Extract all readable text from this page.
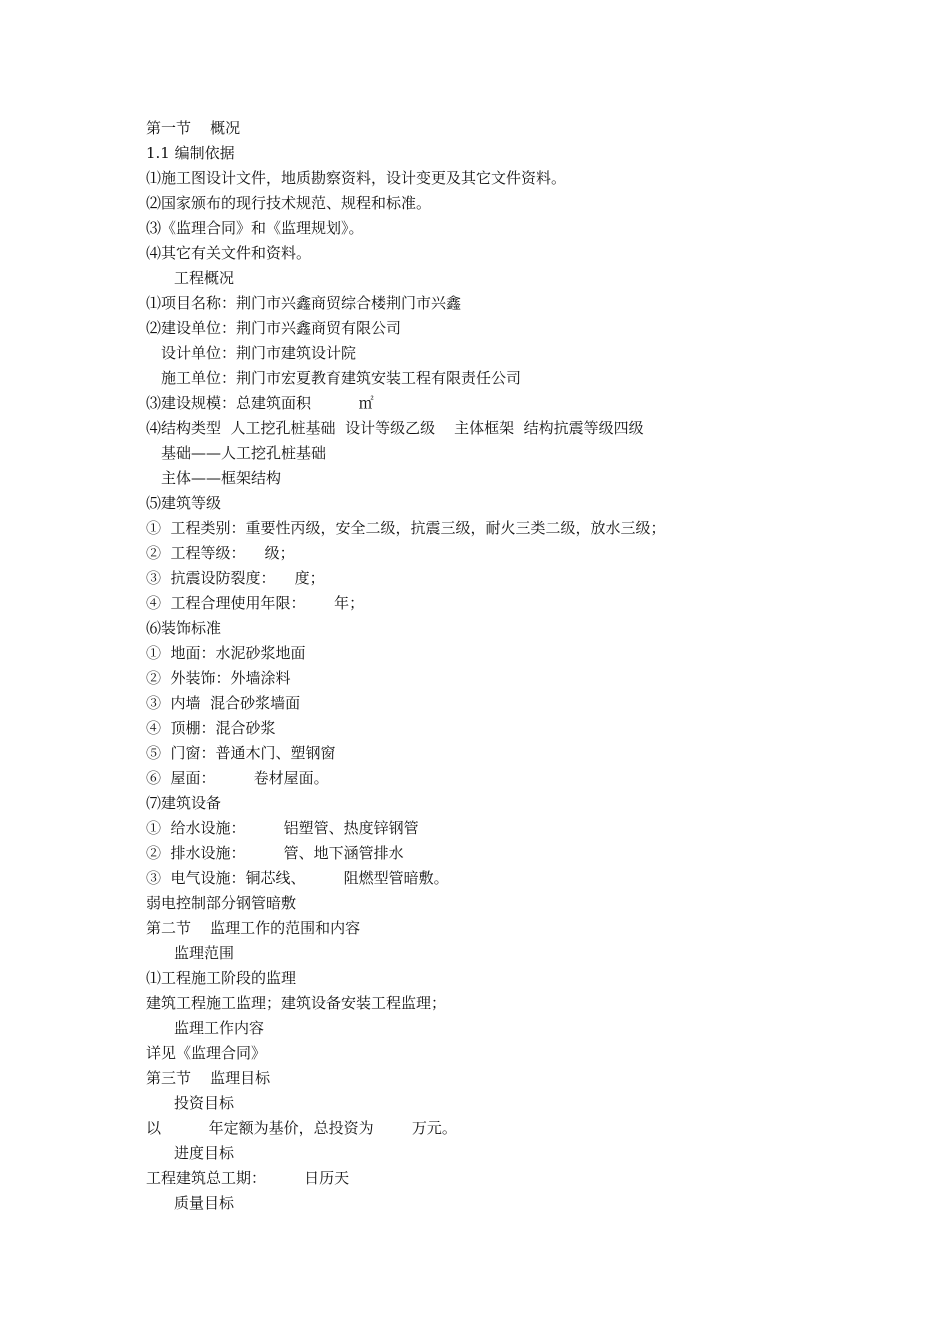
第一节    概况
1.1 编制依据
⑴施工图设计文件，地质勘察资料，设计变更及其它文件资料。
⑵国家颁布的现行技术规范、规程和标准。
⑶《监理合同》和《监理规划》。
⑷其它有关文件和资料。
工程概况
⑴项目名称：荆门市兴鑫商贸综合楼荆门市兴鑫
⑵建设单位：荆门市兴鑫商贸有限公司
设计单位：荆门市建筑设计院
施工单位：荆门市宏夏教育建筑安装工程有限责任公司
⑶建设规模：总建筑面积          ㎡
⑷结构类型  人工挖孔桩基础  设计等级乙级    主体框架  结构抗震等级四级
基础——人工挖孔桩基础
主体——框架结构
⑸建筑等级
①  工程类别：重要性丙级，安全二级，抗震三级，耐火三类二级，放水三级；
②  工程等级：    级；
③  抗震设防裂度：    度；
④  工程合理使用年限：      年；
⑹装饰标准
①  地面：水泥砂浆地面
②  外装饰：外墙涂料
③  内墙  混合砂浆墙面
④  顶棚：混合砂浆
⑤  门窗：普通木门、塑钢窗
⑥  屋面：        卷材屋面。
⑺建筑设备
①  给水设施：        铝塑管、热度锌钢管
②  排水设施：        管、地下涵管排水
③  电气设施：铜芯线、        阻燃型管暗敷。
弱电控制部分钢管暗敷
第二节    监理工作的范围和内容
监理范围
⑴工程施工阶段的监理
建筑工程施工监理；建筑设备安装工程监理；
监理工作内容
详见《监理合同》
第三节    监理目标
投资目标
以          年定额为基价，总投资为        万元。
进度目标
工程建筑总工期：        日历天
质量目标
